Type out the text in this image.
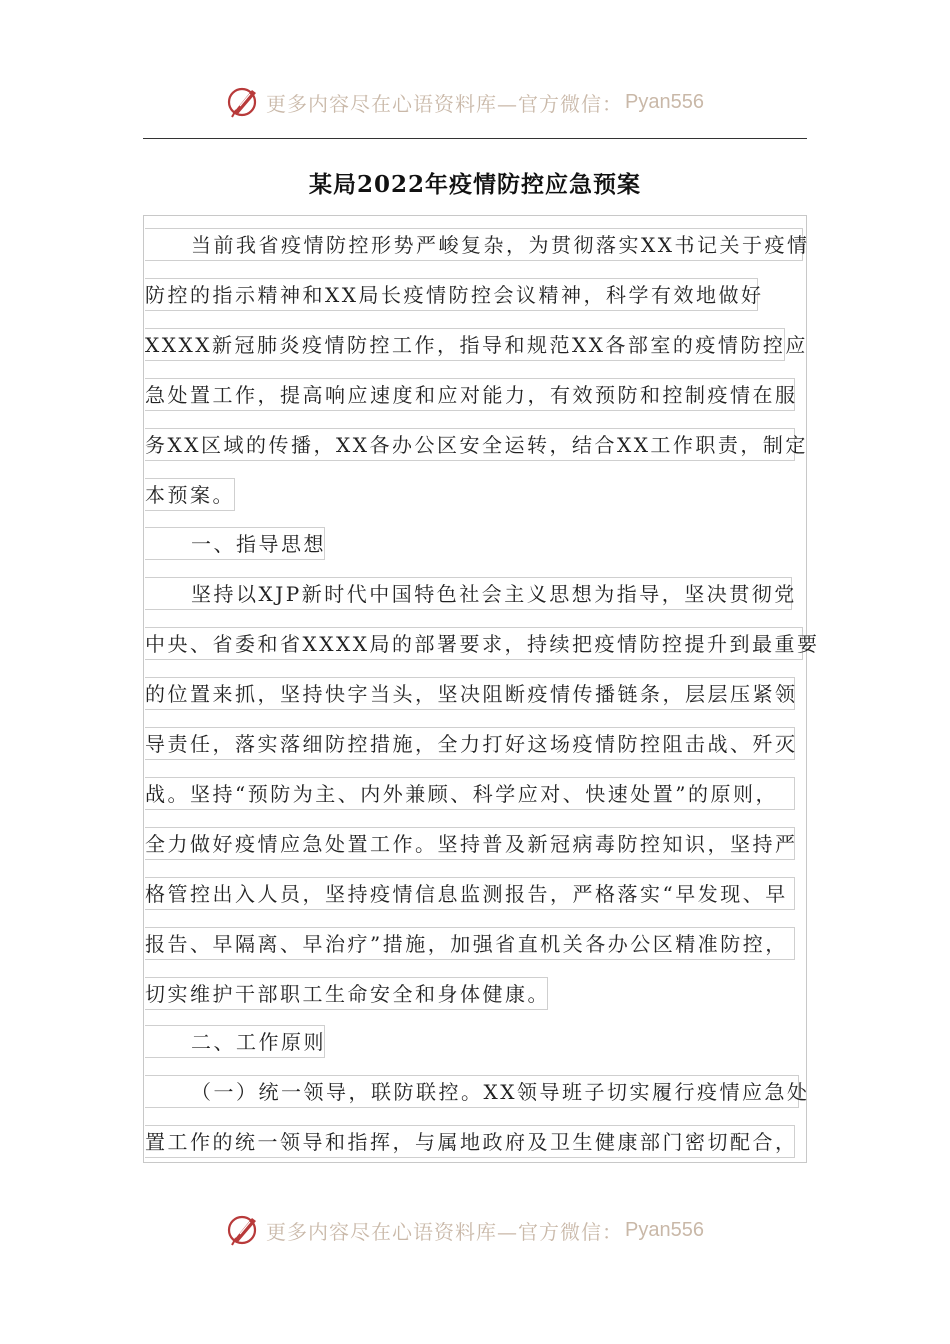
更多内容尽在心语资料库—官方微信： Pyan556
某局2022年疫情防控应急预案
当前我省疫情防控形势严峻复杂，为贯彻落实XX书记关于疫情
防控的指示精神和XX局长疫情防控会议精神，科学有效地做好
XXXX新冠肺炎疫情防控工作，指导和规范XX各部室的疫情防控应
急处置工作，提高响应速度和应对能力，有效预防和控制疫情在服
务XX区域的传播，XX各办公区安全运转，结合XX工作职责，制定
本预案。
一、指导思想
坚持以XJP新时代中国特色社会主义思想为指导，坚决贯彻党
中央、省委和省XXXX局的部署要求，持续把疫情防控提升到最重要
的位置来抓，坚持快字当头，坚决阻断疫情传播链条，层层压紧领
导责任，落实落细防控措施，全力打好这场疫情防控阻击战、歼灭
战。坚持“预防为主、内外兼顾、科学应对、快速处置”的原则，
全力做好疫情应急处置工作。坚持普及新冠病毒防控知识，坚持严
格管控出入人员，坚持疫情信息监测报告，严格落实“早发现、早
报告、早隔离、早治疗”措施，加强省直机关各办公区精准防控，
切实维护干部职工生命安全和身体健康。
二、工作原则
（一）统一领导，联防联控。XX领导班子切实履行疫情应急处
置工作的统一领导和指挥，与属地政府及卫生健康部门密切配合，
更多内容尽在心语资料库—官方微信： Pyan556
